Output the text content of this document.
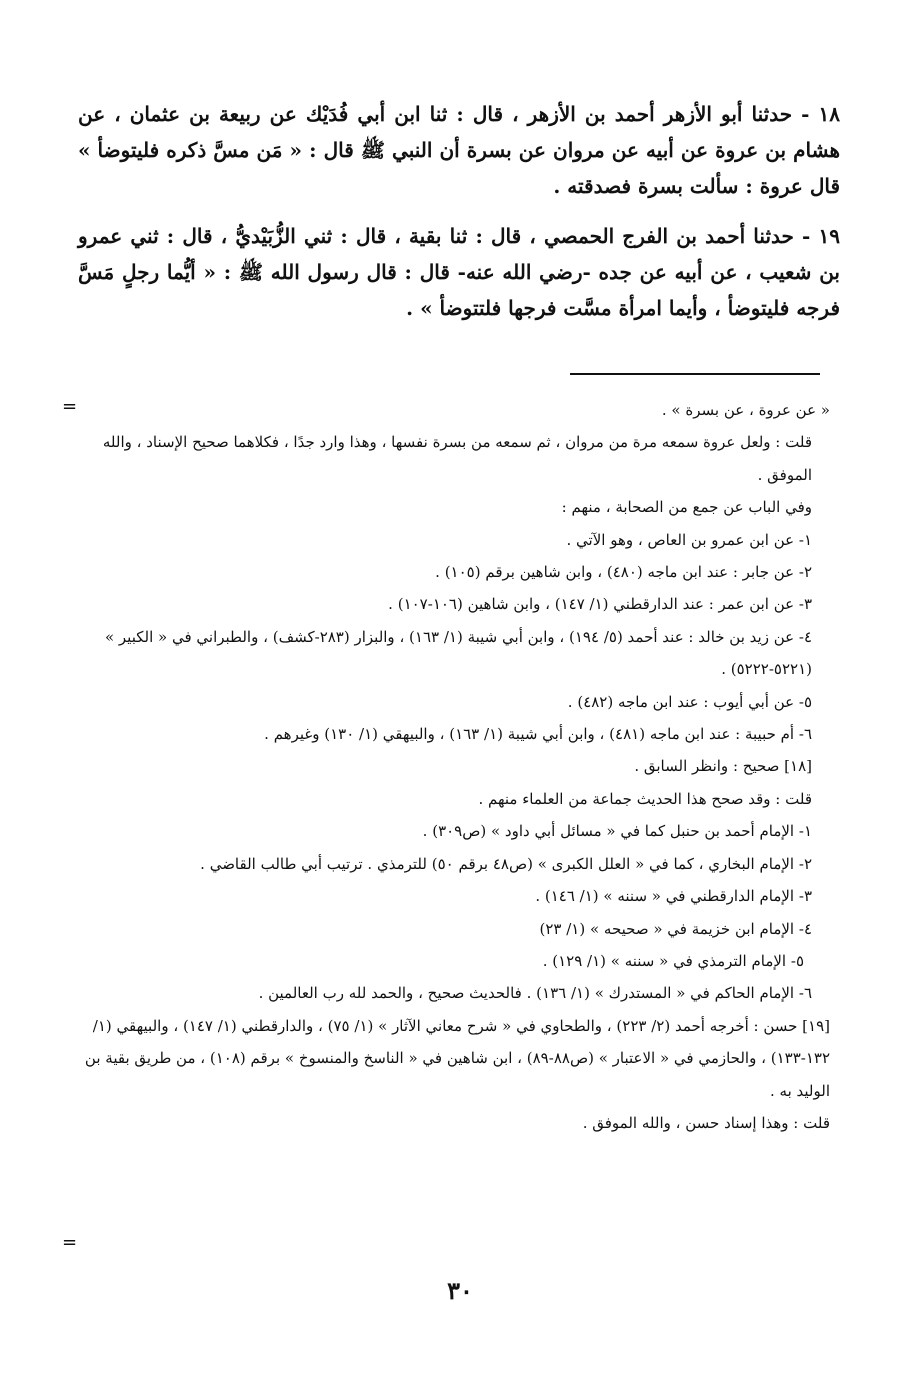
١٨ - حدثنا أبو الأزهر أحمد بن الأزهر ، قال : ثنا ابن أبي فُدَيْك عن ربيعة بن عثمان ، عن هشام بن عروة عن أبيه عن مروان عن بسرة أن النبي ﷺ قال : « مَن مسَّ ذكره فليتوضأ » قال عروة : سألت بسرة فصدقته .

١٩ - حدثنا أحمد بن الفرج الحمصي ، قال : ثنا بقية ، قال : ثني الزُّبَيْديُّ ، قال : ثني عمرو بن شعيب ، عن أبيه عن جده -رضي الله عنه- قال : قال رسول الله ﷺ : « أيُّما رجلٍ مَسَّ فرجه فليتوضأ ، وأيما امرأة مسَّت فرجها فلتتوضأ » .

=	« عن عروة ، عن بسرة » .

قلت : ولعل عروة سمعه مرة من مروان ، ثم سمعه من بسرة نفسها ، وهذا وارد جدًا ، فكلاهما صحيح الإسناد ، والله الموفق .

وفي الباب عن جمع من الصحابة ، منهم :

١- عن ابن عمرو بن العاص ، وهو الآتي .

٢- عن جابر : عند ابن ماجه (٤٨٠) ، وابن شاهين برقم (١٠٥) .

٣- عن ابن عمر : عند الدارقطني (١/ ١٤٧) ، وابن شاهين (١٠٦-١٠٧) .

٤- عن زيد بن خالد : عند أحمد (٥/ ١٩٤) ، وابن أبي شيبة (١/ ١٦٣) ، والبزار (٢٨٣-كشف) ، والطبراني في « الكبير » (٥٢٢١-٥٢٢٢) .

٥- عن أبي أيوب : عند ابن ماجه (٤٨٢) .

٦- أم حبيبة : عند ابن ماجه (٤٨١) ، وابن أبي شيبة (١/ ١٦٣) ، والبيهقي (١/ ١٣٠) وغيرهم .

[١٨] صحيح : وانظر السابق .

قلت : وقد صحح هذا الحديث جماعة من العلماء منهم .

١- الإمام أحمد بن حنبل كما في « مسائل أبي داود » (ص٣٠٩) .

٢- الإمام البخاري ، كما في « العلل الكبرى » (ص٤٨ برقم ٥٠) للترمذي . ترتيب أبي طالب القاضي .

٣- الإمام الدارقطني في « سننه » (١/ ١٤٦) .

٤- الإمام ابن خزيمة في « صحيحه » (١/ ٢٣)

٥- الإمام الترمذي في « سننه » (١/ ١٢٩) .

٦- الإمام الحاكم في « المستدرك » (١/ ١٣٦) . فالحديث صحيح ، والحمد لله رب العالمين .

[١٩] حسن : أخرجه أحمد (٢/ ٢٢٣) ، والطحاوي في « شرح معاني الآثار » (١/ ٧٥) ، والدارقطني (١/ ١٤٧) ، والبيهقي (١/ ١٣٢-١٣٣) ، والحازمي في « الاعتبار » (ص٨٨-٨٩) ، ابن شاهين في « الناسخ والمنسوخ » برقم (١٠٨) ، من طريق بقية بن الوليد به .

قلت : وهذا إسناد حسن ، والله الموفق .

=
٣٠
